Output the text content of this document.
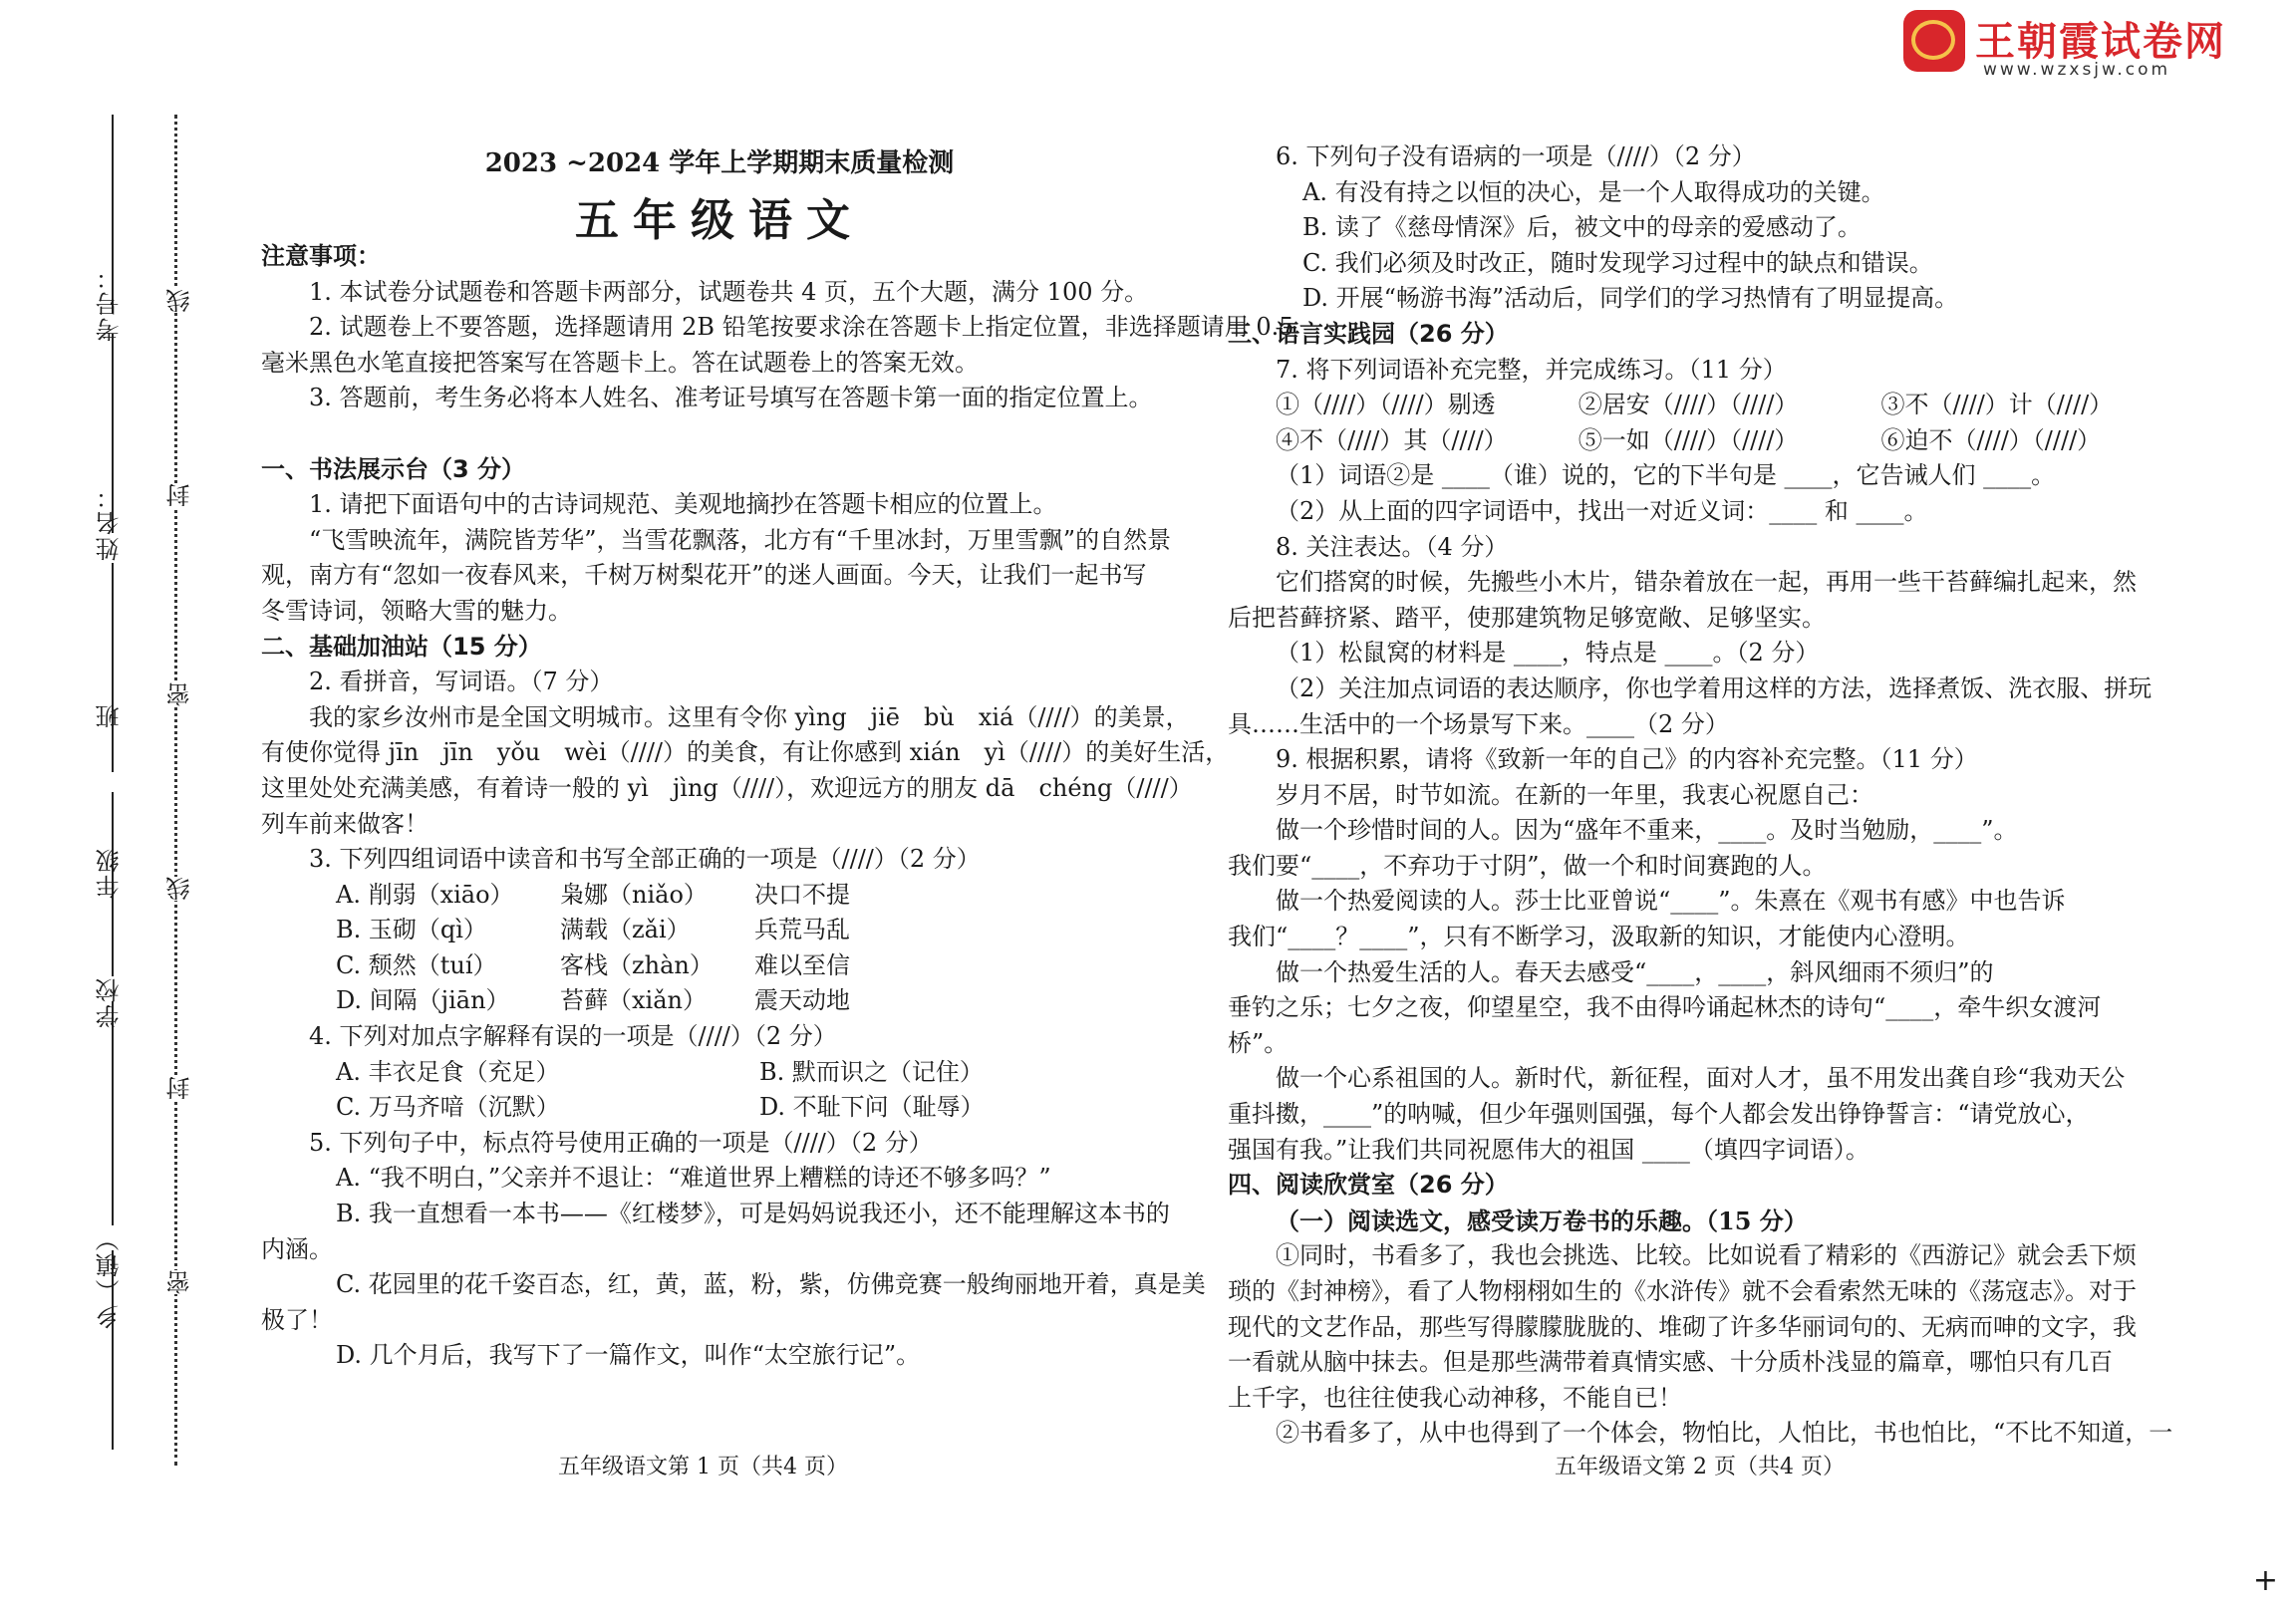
王朝霞试卷网
www.wzxsjw.com
考号：
姓名：
班
年级
学校
乡（镇）
线
封
密
线
封
密
2023 ~2024 学年上学期期末质量检测
五年级语文
注意事项：
1. 本试卷分试题卷和答题卡两部分，试题卷共 4 页，五个大题，满分 100 分。
2. 试题卷上不要答题，选择题请用 2B 铅笔按要求涂在答题卡上指定位置，非选择题请用 0.5
毫米黑色水笔直接把答案写在答题卡上。答在试题卷上的答案无效。
3. 答题前，考生务必将本人姓名、准考证号填写在答题卡第一面的指定位置上。
一、书法展示台（3 分）
1. 请把下面语句中的古诗词规范、美观地摘抄在答题卡相应的位置上。
“飞雪映流年，满院皆芳华”，当雪花飘落，北方有“千里冰封，万里雪飘”的自然景
观，南方有“忽如一夜春风来，千树万树梨花开”的迷人画面。今天，让我们一起书写
冬雪诗词，领略大雪的魅力。
二、基础加油站（15 分）
2. 看拼音，写词语。（7 分）
我的家乡汝州市是全国文明城市。这里有令你 yìng　jiē　bù　xiá（////）的美景，
有使你觉得 jīn　jīn　yǒu　wèi（////）的美食，有让你感到 xián　yì（////）的美好生活，
这里处处充满美感，有着诗一般的 yì　jìng（////），欢迎远方的朋友 dā　chéng（////）
列车前来做客！
3. 下列四组词语中读音和书写全部正确的一项是（////）（2 分）
A. 削弱（xiāo）	枭娜（niǎo）	决口不提
B. 玉砌（qì）	满载（zǎi）	兵荒马乱
C. 颓然（tuí）	客栈（zhàn）	难以至信
D. 间隔（jiān）	苔藓（xiǎn）	震天动地
4. 下列对加点字解释有误的一项是（////）（2 分）
A. 丰衣足食（充足）	B. 默而识之（记住）
C. 万马齐喑（沉默）	D. 不耻下问（耻辱）
5. 下列句子中，标点符号使用正确的一项是（////）（2 分）
A. “我不明白，”父亲并不退让：“难道世界上糟糕的诗还不够多吗？”
B. 我一直想看一本书——《红楼梦》，可是妈妈说我还小，还不能理解这本书的
内涵。
C. 花园里的花千姿百态，红，黄，蓝，粉，紫，仿佛竞赛一般绚丽地开着，真是美
极了！
D. 几个月后，我写下了一篇作文，叫作“太空旅行记”。
五年级语文第 1 页（共4 页）
6. 下列句子没有语病的一项是（////）（2 分）
A. 有没有持之以恒的决心，是一个人取得成功的关键。
B. 读了《慈母情深》后，被文中的母亲的爱感动了。
C. 我们必须及时改正，随时发现学习过程中的缺点和错误。
D. 开展“畅游书海”活动后，同学们的学习热情有了明显提高。
三、语言实践园（26 分）
7. 将下列词语补充完整，并完成练习。（11 分）
①（////）（////）剔透	②居安（////）（////）	③不（////）计（////）
④不（////）其（////）	⑤一如（////）（////）	⑥迫不（////）（////）
（1）词语②是 ____（谁）说的，它的下半句是 ____，它告诫人们 ____。
（2）从上面的四字词语中，找出一对近义词：____ 和 ____。
8. 关注表达。（4 分）
它们搭窝的时候，先搬些小木片，错杂着放在一起，再用一些干苔藓编扎起来，然
后把苔藓挤紧、踏平，使那建筑物足够宽敞、足够坚实。
（1）松鼠窝的材料是 ____，特点是 ____。（2 分）
（2）关注加点词语的表达顺序，你也学着用这样的方法，选择煮饭、洗衣服、拼玩
具……生活中的一个场景写下来。____（2 分）
9. 根据积累，请将《致新一年的自己》的内容补充完整。（11 分）
岁月不居，时节如流。在新的一年里，我衷心祝愿自己：
做一个珍惜时间的人。因为“盛年不重来，____。及时当勉励，____”。
我们要“____，不弃功于寸阴”，做一个和时间赛跑的人。
做一个热爱阅读的人。莎士比亚曾说“____”。朱熹在《观书有感》中也告诉
我们“____？____”，只有不断学习，汲取新的知识，才能使内心澄明。
做一个热爱生活的人。春天去感受“____，____，斜风细雨不须归”的
垂钓之乐；七夕之夜，仰望星空，我不由得吟诵起林杰的诗句“____，牵牛织女渡河
桥”。
做一个心系祖国的人。新时代，新征程，面对人才，虽不用发出龚自珍“我劝天公
重抖擞，____”的呐喊，但少年强则国强，每个人都会发出铮铮誓言：“请党放心，
强国有我。”让我们共同祝愿伟大的祖国 ____（填四字词语）。
四、阅读欣赏室（26 分）
（一）阅读选文，感受读万卷书的乐趣。（15 分）
①同时，书看多了，我也会挑选、比较。比如说看了精彩的《西游记》就会丢下烦
琐的《封神榜》，看了人物栩栩如生的《水浒传》就不会看索然无味的《荡寇志》。对于
现代的文艺作品，那些写得朦朦胧胧的、堆砌了许多华丽词句的、无病而呻的文字，我
一看就从脑中抹去。但是那些满带着真情实感、十分质朴浅显的篇章，哪怕只有几百
上千字，也往往使我心动神移，不能自已！
②书看多了，从中也得到了一个体会，物怕比，人怕比，书也怕比，“不比不知道，一
五年级语文第 2 页（共4 页）
+
